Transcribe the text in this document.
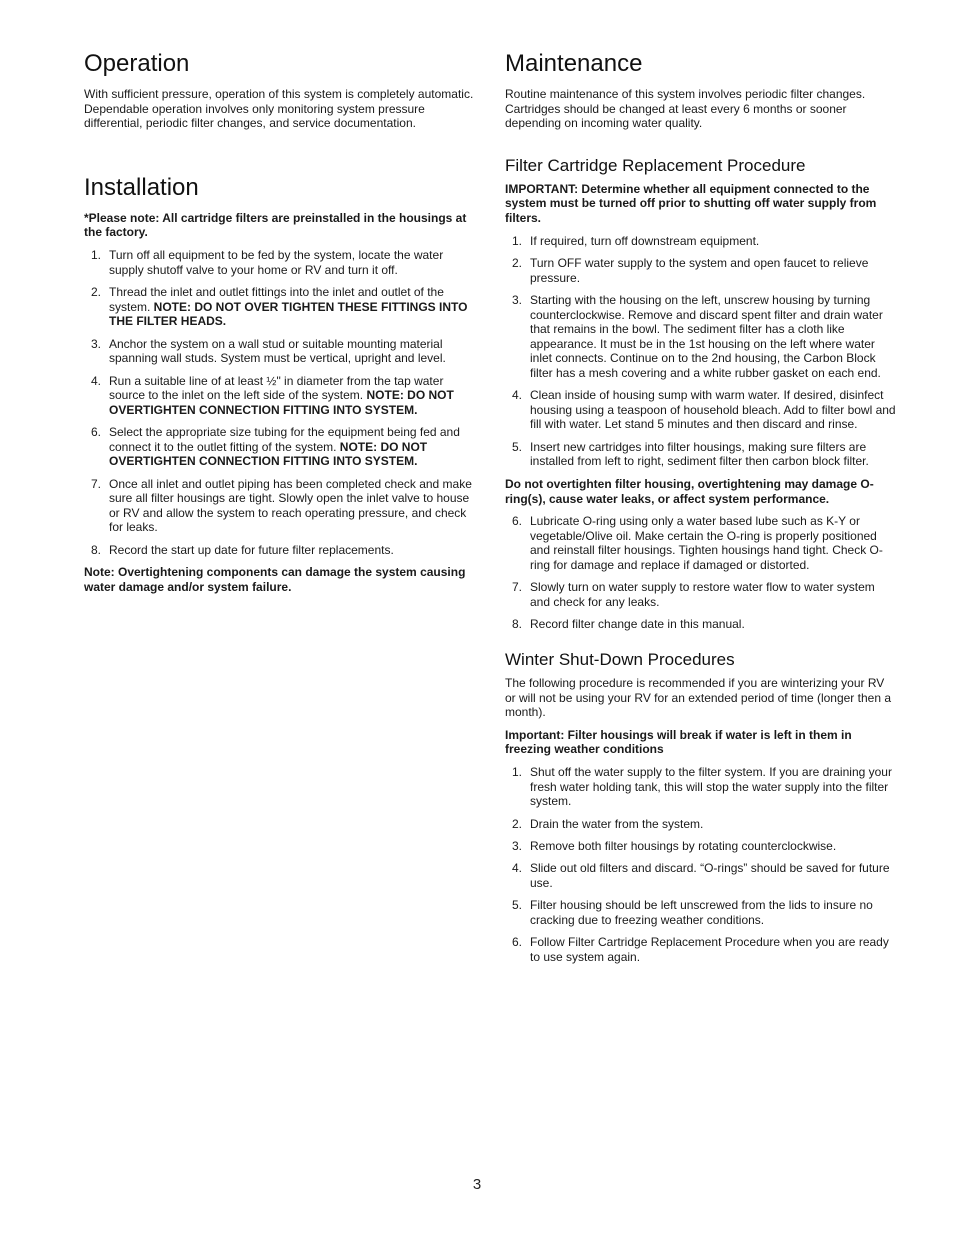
Operation

With sufficient pressure, operation of this system is completely automatic. Dependable operation involves only monitoring system pressure differential, periodic filter changes, and service documentation.

Installation

*Please note: All cartridge filters are preinstalled in the housings at the factory.

1. Turn off all equipment to be fed by the system, locate the water supply shutoff valve to your home or RV and turn it off.
2. Thread the inlet and outlet fittings into the inlet and outlet of the system. NOTE: DO NOT OVER TIGHTEN THESE FITTINGS INTO THE FILTER HEADS.
3. Anchor the system on a wall stud or suitable mounting material spanning wall studs. System must be vertical, upright and level.
4. Run a suitable line of at least ½" in diameter from the tap water source to the inlet on the left side of the system. NOTE: DO NOT OVERTIGHTEN CONNECTION FITTING INTO SYSTEM.
6. Select the appropriate size tubing for the equipment being fed and connect it to the outlet fitting of the system. NOTE: DO NOT OVERTIGHTEN CONNECTION FITTING INTO SYSTEM.
7. Once all inlet and outlet piping has been completed check and make sure all filter housings are tight. Slowly open the inlet valve to house or RV and allow the system to reach operating pressure, and check for leaks.
8. Record the start up date for future filter replacements.

Note: Overtightening components can damage the system causing water damage and/or system failure.

Maintenance

Routine maintenance of this system involves periodic filter changes. Cartridges should be changed at least every 6 months or sooner depending on incoming water quality.

Filter Cartridge Replacement Procedure

IMPORTANT: Determine whether all equipment connected to the system must be turned off prior to shutting off water supply from filters.

1. If required, turn off downstream equipment.
2. Turn OFF water supply to the system and open faucet to relieve pressure.
3. Starting with the housing on the left, unscrew housing by turning counterclockwise. Remove and discard spent filter and drain water that remains in the bowl. The sediment filter has a cloth like appearance. It must be in the 1st housing on the left where water inlet connects. Continue on to the 2nd housing, the Carbon Block filter has a mesh covering and a white rubber gasket on each end.
4. Clean inside of housing sump with warm water. If desired, disinfect housing using a teaspoon of household bleach. Add to filter bowl and fill with water. Let stand 5 minutes and then discard and rinse.
5. Insert new cartridges into filter housings, making sure filters are installed from left to right, sediment filter then carbon block filter.

Do not overtighten filter housing, overtightening may damage O-ring(s), cause water leaks, or affect system performance.

6. Lubricate O-ring using only a water based lube such as K-Y or vegetable/Olive oil. Make certain the O-ring is properly positioned and reinstall filter housings. Tighten housings hand tight. Check O-ring for damage and replace if damaged or distorted.
7. Slowly turn on water supply to restore water flow to water system and check for any leaks.
8. Record filter change date in this manual.
Winter Shut-Down Procedures

The following procedure is recommended if you are winterizing your RV or will not be using your RV for an extended period of time (longer then a month).

Important: Filter housings will break if water is left in them in freezing weather conditions

1. Shut off the water supply to the filter system. If you are draining your fresh water holding tank, this will stop the water supply into the filter system.
2. Drain the water from the system.
3. Remove both filter housings by rotating counterclockwise.
4. Slide out old filters and discard. “O-rings” should be saved for future use.
5. Filter housing should be left unscrewed from the lids to insure no cracking due to freezing weather conditions.
6. Follow Filter Cartridge Replacement Procedure when you are ready to use system again.
3
